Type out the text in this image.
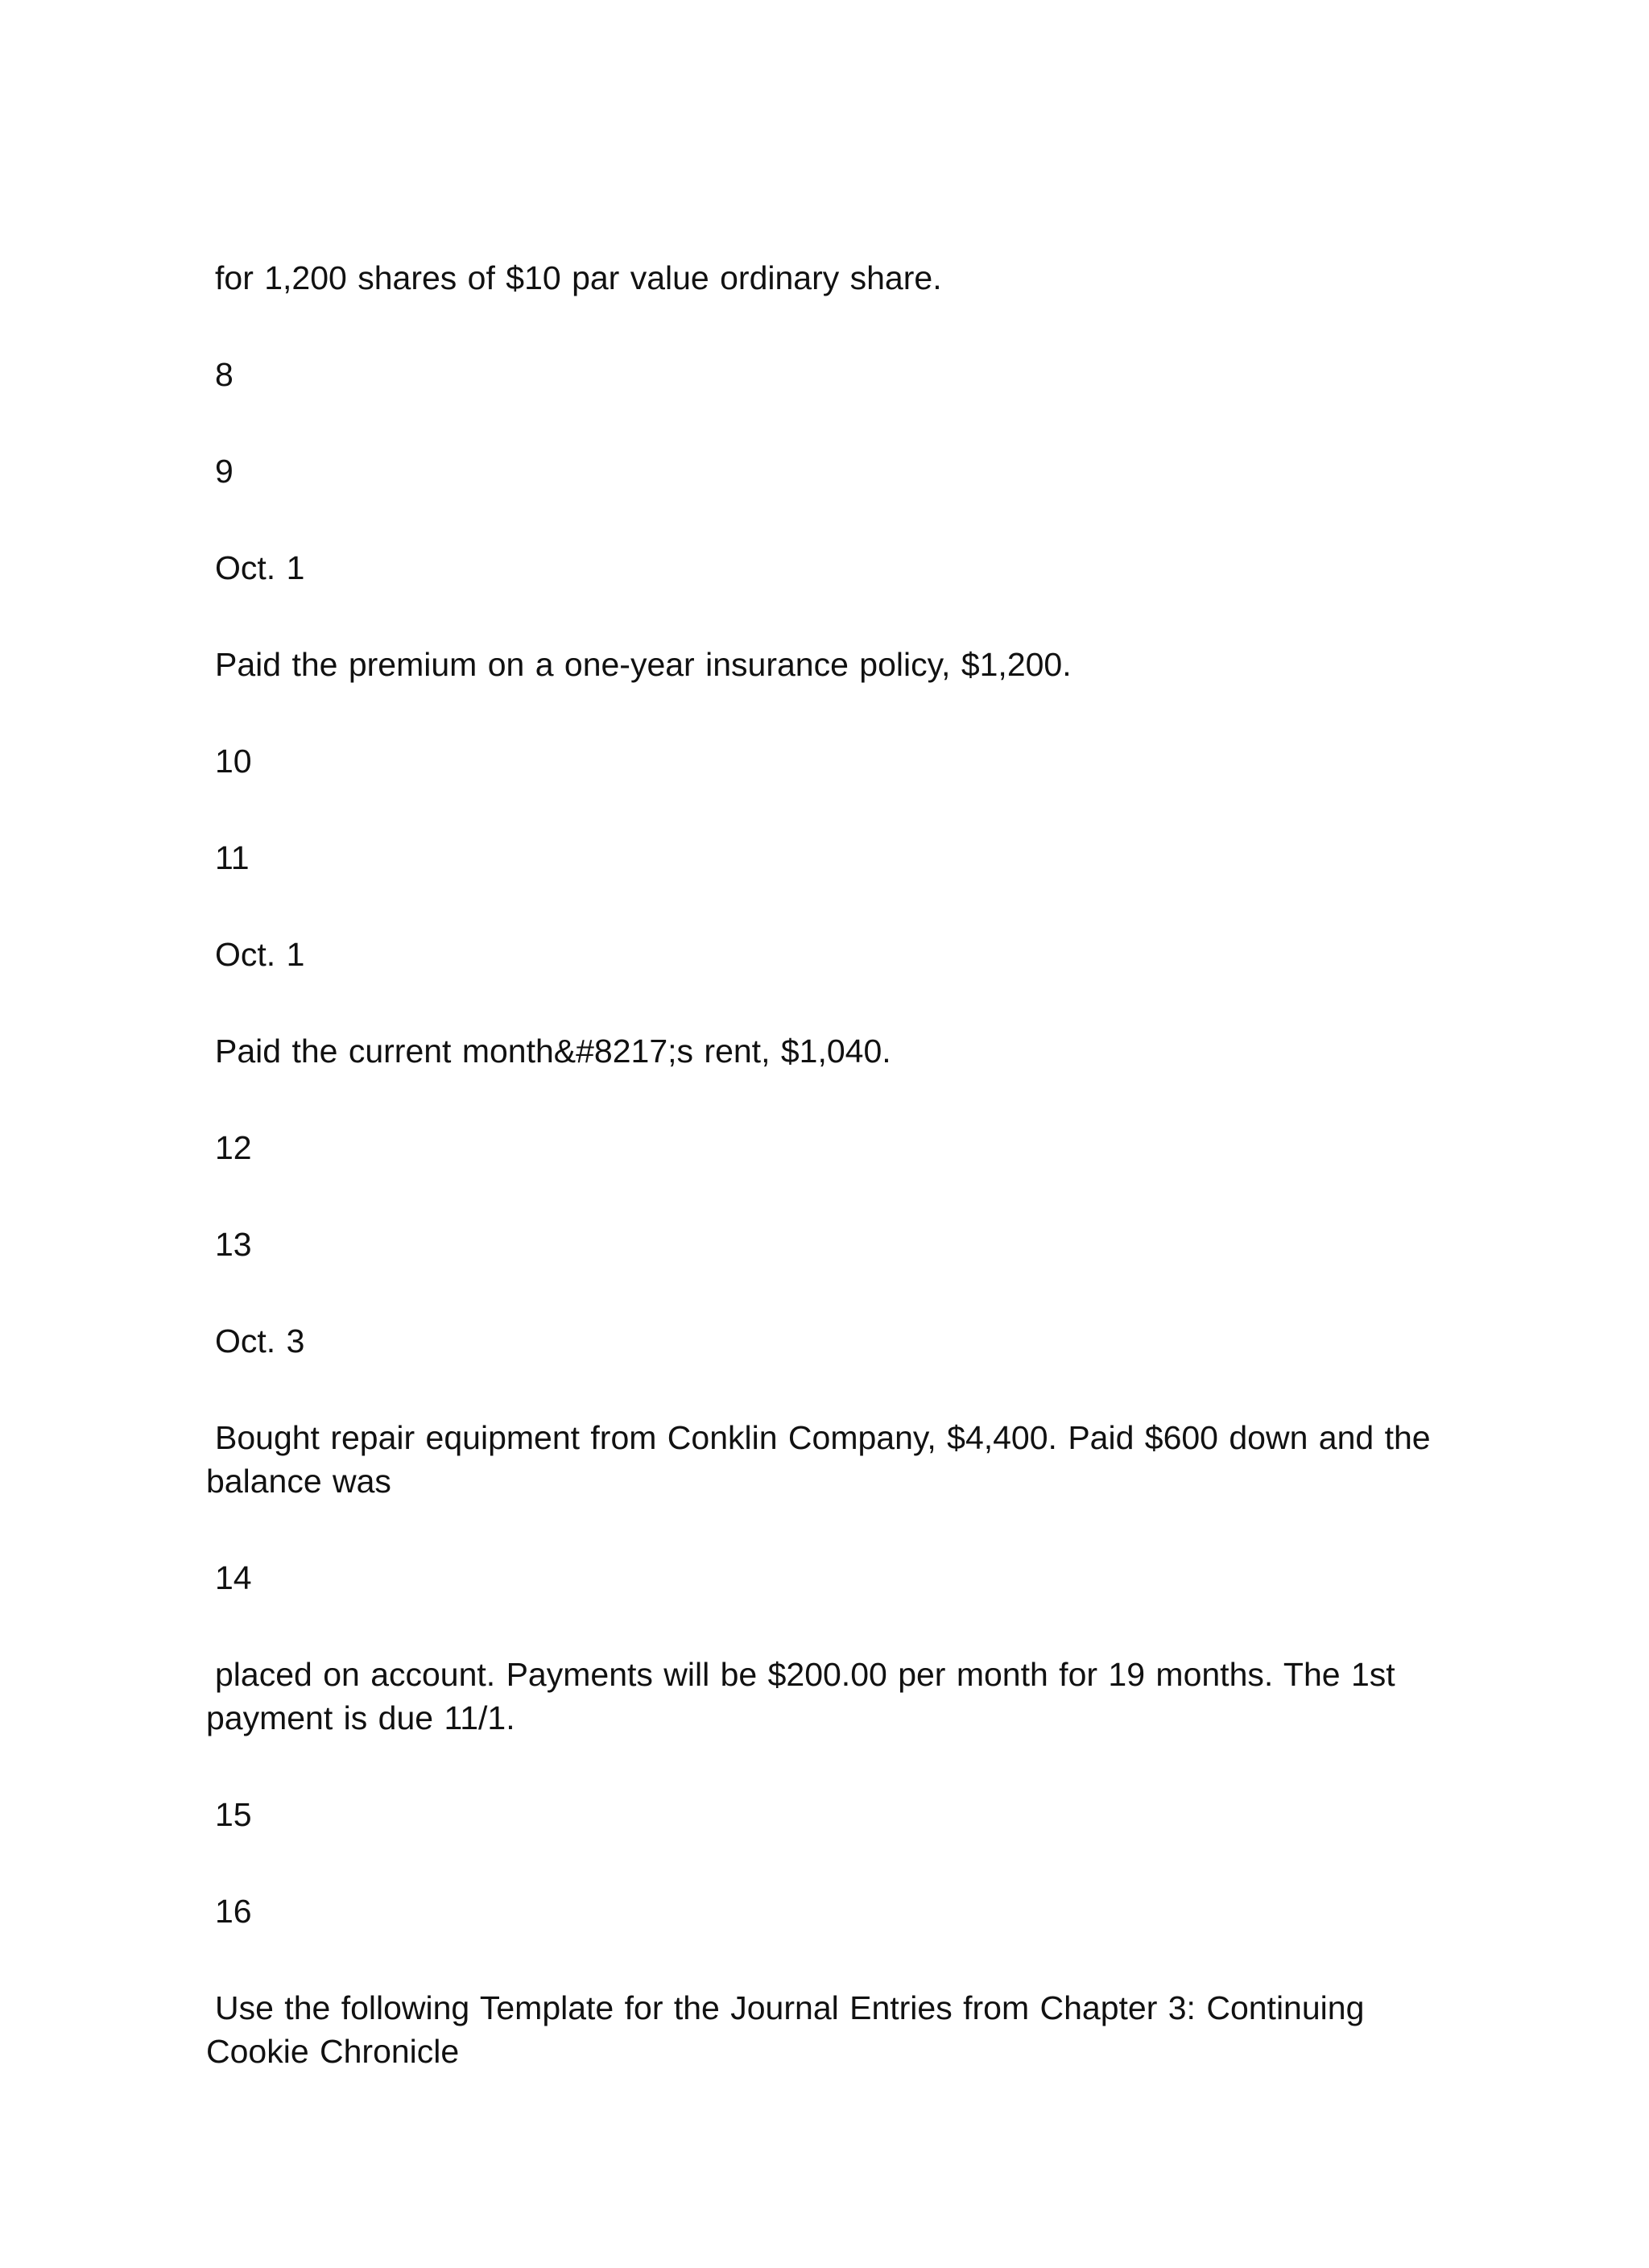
for 1,200 shares of $10 par value ordinary share.
8
9
Oct. 1
Paid the premium on a one-year insurance policy, $1,200.
10
11
Oct. 1
Paid the current month&#8217;s rent, $1,040.
12
13
Oct. 3
Bought repair equipment from Conklin Company, $4,400. Paid $600 down and the
balance was
14
placed on account. Payments will be $200.00 per month for 19 months. The 1st
payment is due 11/1.
15
16
Use the following Template for the Journal Entries from Chapter 3: Continuing
Cookie Chronicle
